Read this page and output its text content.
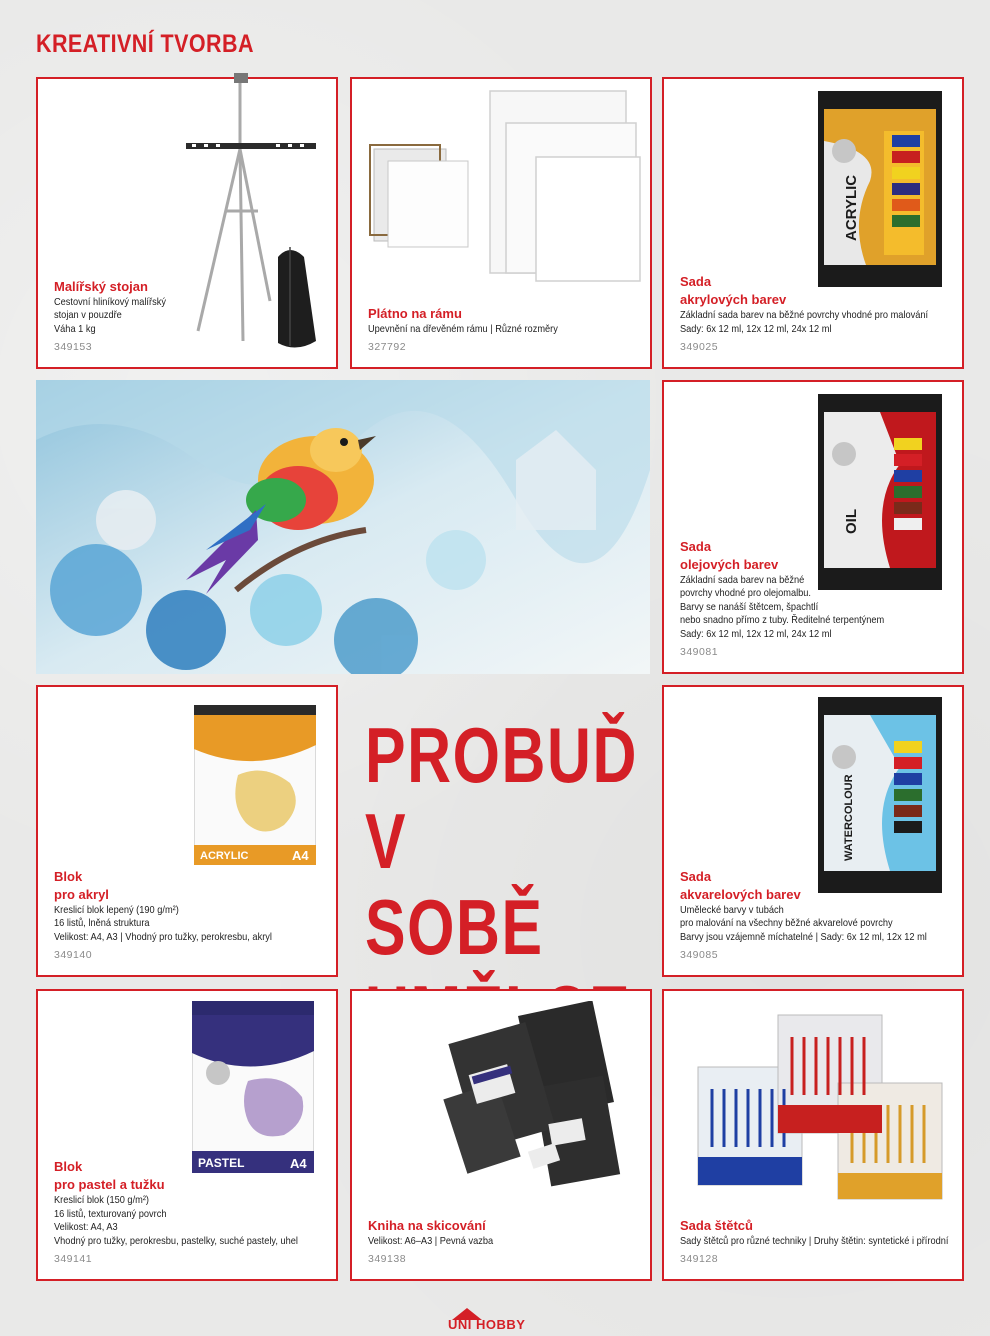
KREATIVNÍ TVORBA
Malířský stojan
Cestovní hliníkový malířský
stojan v pouzdře
Váha 1 kg
349153
Plátno na rámu
Upevnění na dřevěném rámu | Různé rozměry
327792
ACRYLIC
Sada
akrylových barev
Základní sada barev na běžné povrchy vhodné pro malování
Sady: 6x 12 ml, 12x 12 ml, 24x 12 ml
349025
OIL
Sada
olejových barev
Základní sada barev na běžné
povrchy vhodné pro olejomalbu.
Barvy se nanáší štětcem, špachtlí
nebo snadno přímo z tuby. Ředitelné terpentýnem
Sady: 6x 12 ml, 12x 12 ml, 24x 12 ml
349081
ACRYLIC	A4
Blok
pro akryl
Kreslicí blok lepený (190 g/m²)
16 listů, lněná struktura
Velikost: A4, A3 | Vhodný pro tužky, perokresbu, akryl
349140
PROBUĎ
V SOBĚ
WATERCOLOUR
Sada
akvarelových barev
Umělecké barvy v tubách
pro malování na všechny běžné akvarelové povrchy
Barvy jsou vzájemně míchatelné | Sady: 6x 12 ml, 12x 12 ml
349085
PASTEL	A4
Blok
pro pastel a tužku
Kreslicí blok (150 g/m²)
16 listů, texturovaný povrch
Velikost: A4, A3
Vhodný pro tužky, perokresbu, pastelky, suché pastely, uhel
349141
Kniha na skicování
Velikost: A6–A3 | Pevná vazba
349138
Sada štětců
Sady štětců pro různé techniky | Druhy štětin: syntetické i přírodní
349128
UNI HOBBY
